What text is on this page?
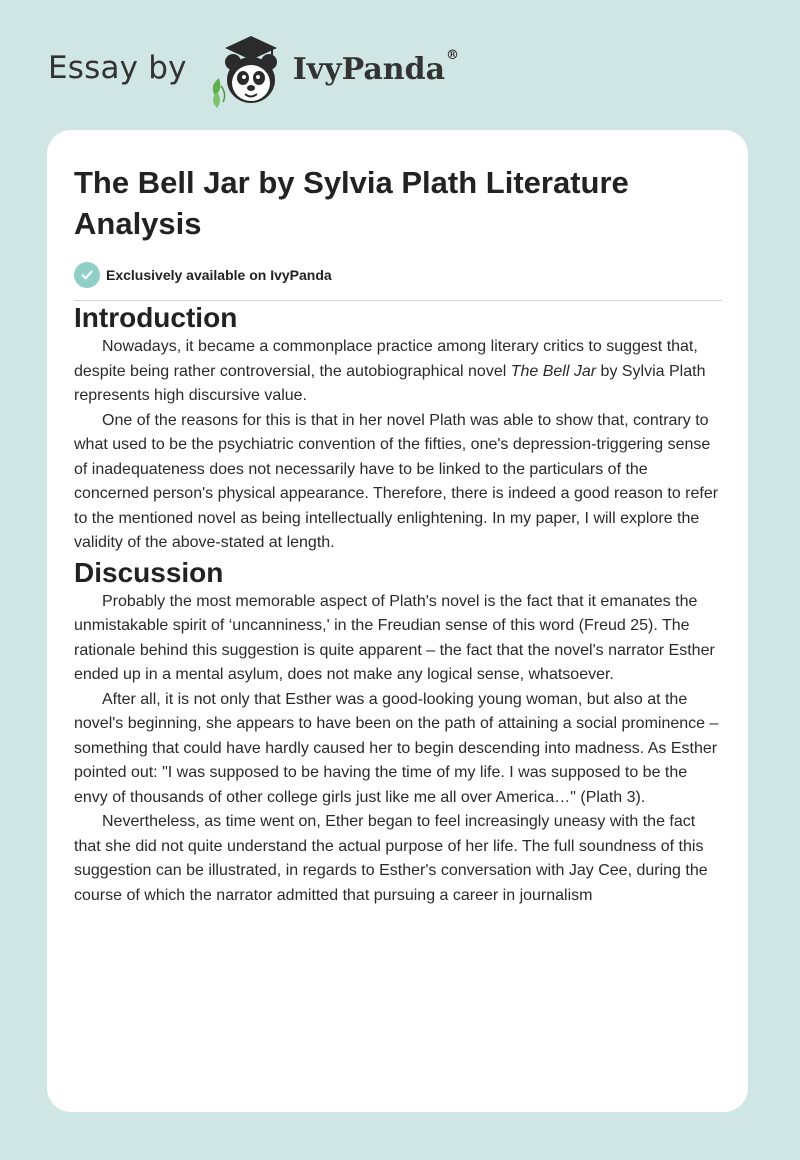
Essay by	IvyPanda®
The Bell Jar by Sylvia Plath Literature Analysis
Exclusively available on IvyPanda
Introduction

Nowadays, it became a commonplace practice among literary critics to suggest that, despite being rather controversial, the autobiographical novel The Bell Jar by Sylvia Plath represents high discursive value.

One of the reasons for this is that in her novel Plath was able to show that, contrary to what used to be the psychiatric convention of the fifties, one's depression-triggering sense of inadequateness does not necessarily have to be linked to the particulars of the concerned person's physical appearance. Therefore, there is indeed a good reason to refer to the mentioned novel as being intellectually enlightening. In my paper, I will explore the validity of the above-stated at length.

Discussion

Probably the most memorable aspect of Plath's novel is the fact that it emanates the unmistakable spirit of ‘uncanniness,' in the Freudian sense of this word (Freud 25). The rationale behind this suggestion is quite apparent – the fact that the novel's narrator Esther ended up in a mental asylum, does not make any logical sense, whatsoever.

After all, it is not only that Esther was a good-looking young woman, but also at the novel's beginning, she appears to have been on the path of attaining a social prominence – something that could have hardly caused her to begin descending into madness. As Esther pointed out: "I was supposed to be having the time of my life. I was supposed to be the envy of thousands of other college girls just like me all over America…" (Plath 3).

Nevertheless, as time went on, Ether began to feel increasingly uneasy with the fact that she did not quite understand the actual purpose of her life. The full soundness of this suggestion can be illustrated, in regards to Esther's conversation with Jay Cee, during the course of which the narrator admitted that pursuing a career in journalism
